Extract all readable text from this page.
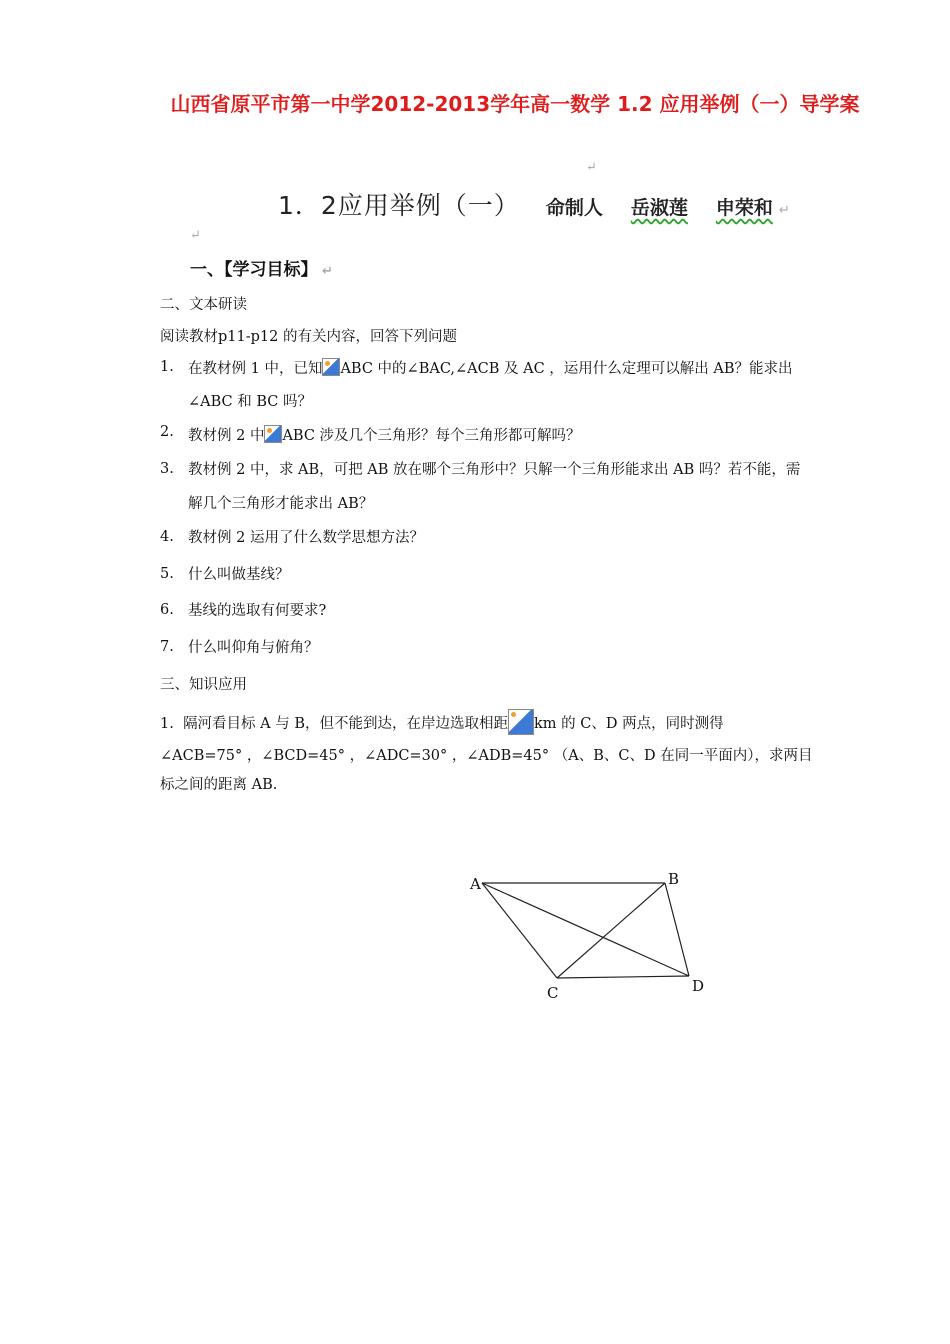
山西省原平市第一中学2012-2013学年高一数学 1.2 应用举例（一）导学案
1．2应用举例（一） 命制人 岳淑莲 申荣和 ↵
↵
↵
一、【学习目标】 ↵
二、文本研读
阅读教材p11-p12 的有关内容，回答下列问题
1. 在教材例 1 中，已知 ABC 中的∠BAC,∠ACB 及 AC ，运用什么定理可以解出 AB？能求出
∠ABC 和 BC 吗？
2. 教材例 2 中 ABC 涉及几个三角形？每个三角形都可解吗？
3. 教材例 2 中，求 AB，可把 AB 放在哪个三角形中？只解一个三角形能求出 AB 吗？若不能，需
解几个三角形才能求出 AB？
4. 教材例 2 运用了什么数学思想方法？
5. 什么叫做基线？
6. 基线的选取有何要求?
7. 什么叫仰角与俯角？
三、知识应用
1. 隔河看目标 A 与 B，但不能到达，在岸边选取相距 km 的 C、D 两点，同时测得
∠ACB=75° ，∠BCD=45° ，∠ADC=30° ，∠ADB=45° （A、B、C、D 在同一平面内），求两目
标之间的距离 AB.
A	B
C	D
